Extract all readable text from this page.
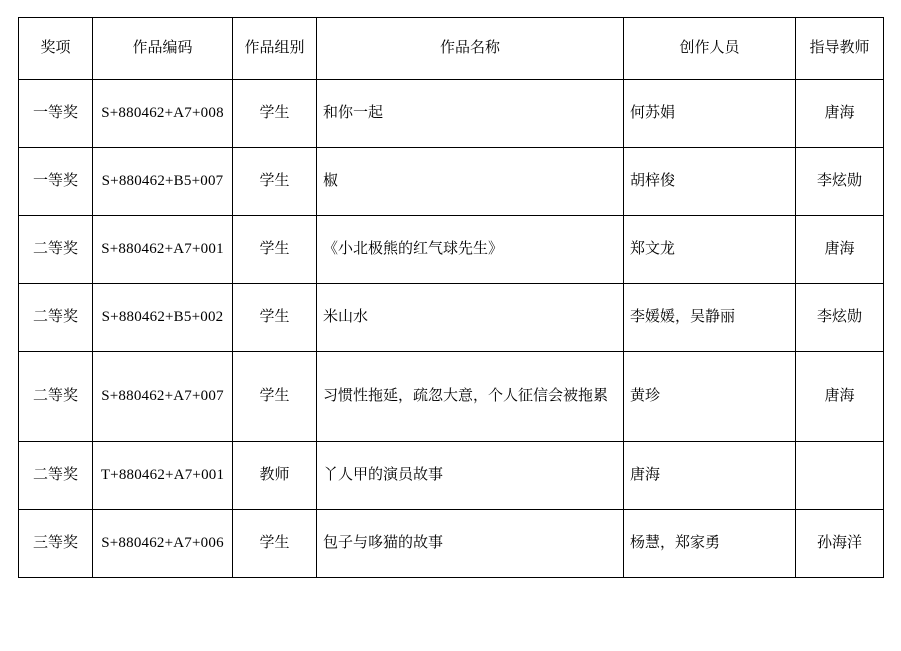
奖项	作品编码	作品组别	作品名称	创作人员	指导教师
一等奖	S+880462+A7+008	学生	和你一起	何苏娟	唐海
一等奖	S+880462+B5+007	学生	椒	胡梓俊	李炫勋
二等奖	S+880462+A7+001	学生	《小北极熊的红气球先生》	郑文龙	唐海
二等奖	S+880462+B5+002	学生	米山水	李媛媛，吴静丽	李炫勋
二等奖	S+880462+A7+007	学生	习惯性拖延，疏忽大意，个人征信会被拖累	黄珍	唐海
二等奖	T+880462+A7+001	教师	丫人甲的演员故事	唐海	
三等奖	S+880462+A7+006	学生	包子与哆猫的故事	杨慧，郑家勇	孙海洋
